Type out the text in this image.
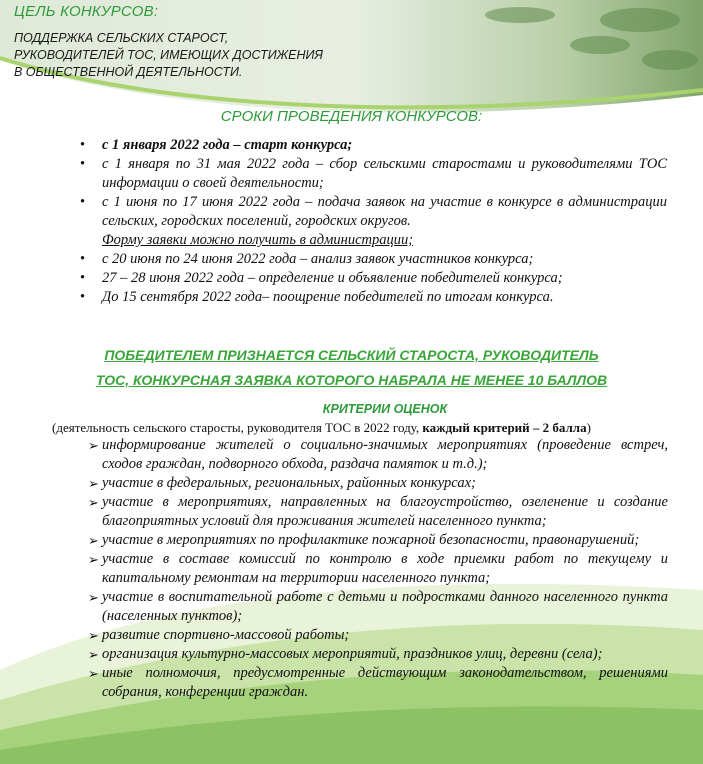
ЦЕЛЬ КОНКУРСОВ:
ПОДДЕРЖКА СЕЛЬСКИХ СТАРОСТ,
РУКОВОДИТЕЛЕЙ ТОС, ИМЕЮЩИХ ДОСТИЖЕНИЯ
В ОБЩЕСТВЕННОЙ ДЕЯТЕЛЬНОСТИ.
СРОКИ ПРОВЕДЕНИЯ КОНКУРСОВ:
• с 1 января 2022 года – старт конкурса;
• с 1 января по 31 мая 2022 года – сбор сельскими старостами и руководителями ТОС информации о своей деятельности;
• с 1 июня по 17 июня 2022 года – подача заявок на участие в конкурсе в администрации сельских, городских поселений, городских округов.
Форму заявки можно получить в администрации;
• с 20 июня по 24 июня 2022 года – анализ заявок участников конкурса;
• 27 – 28 июня 2022 года – определение и объявление победителей конкурса;
• До 15 сентября 2022 года– поощрение победителей по итогам конкурса.
ПОБЕДИТЕЛЕМ ПРИЗНАЕТСЯ СЕЛЬСКИЙ СТАРОСТА, РУКОВОДИТЕЛЬ
ТОС, КОНКУРСНАЯ ЗАЯВКА КОТОРОГО НАБРАЛА НЕ МЕНЕЕ 10 БАЛЛОВ
КРИТЕРИИ ОЦЕНОК
(деятельность сельского старосты, руководителя ТОС в 2022 году, каждый критерий – 2 балла)
➢ информирование жителей о социально-значимых мероприятиях (проведение встреч, сходов граждан, подворного обхода, раздача памяток и т.д.);
➢ участие в федеральных, региональных, районных конкурсах;
➢ участие в мероприятиях, направленных на благоустройство, озеленение и создание благоприятных условий для проживания жителей населенного пункта;
➢ участие в мероприятиях по профилактике пожарной безопасности, правонарушений;
➢ участие в составе комиссий по контролю в ходе приемки работ по текущему и капитальному ремонтам на территории населенного пункта;
➢ участие в воспитательной работе с детьми и подростками данного населенного пункта (населенных пунктов);
➢ развитие спортивно-массовой работы;
➢ организация культурно-массовых мероприятий, праздников улиц, деревни (села);
➢ иные полномочия, предусмотренные действующим законодательством, решениями собрания, конференции граждан.
